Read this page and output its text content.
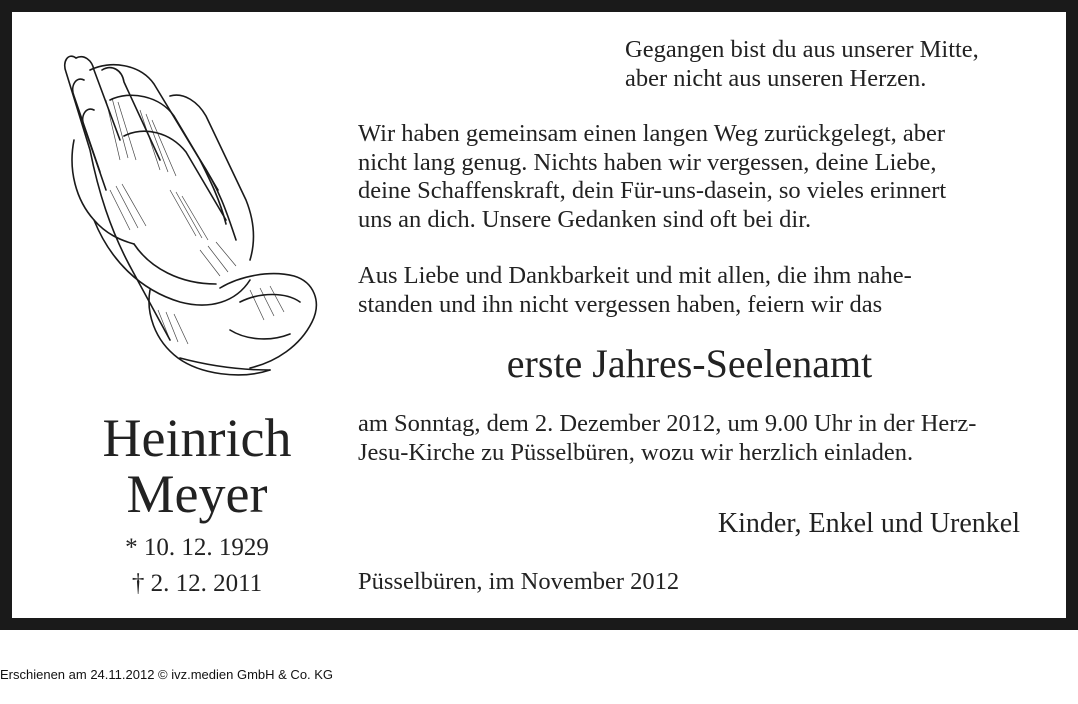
Heinrich
Meyer
* 10. 12. 1929
† 2. 12. 2011
Gegangen bist du aus unserer Mitte,
aber nicht aus unseren Herzen.
Wir haben gemeinsam einen langen Weg zurückgelegt, aber
nicht lang genug. Nichts haben wir vergessen, deine Liebe,
deine Schaffenskraft, dein Für-uns-dasein, so vieles erinnert
uns an dich. Unsere Gedanken sind oft bei dir.
Aus Liebe und Dankbarkeit und mit allen, die ihm nahe-
standen und ihn nicht vergessen haben, feiern wir das
erste Jahres-Seelenamt
am Sonntag, dem 2. Dezember 2012, um 9.00 Uhr in der Herz-
Jesu-Kirche zu Püsselbüren, wozu wir herzlich einladen.
Kinder, Enkel und Urenkel
Püsselbüren, im November 2012
Erschienen am 24.11.2012 © ivz.medien GmbH & Co. KG
